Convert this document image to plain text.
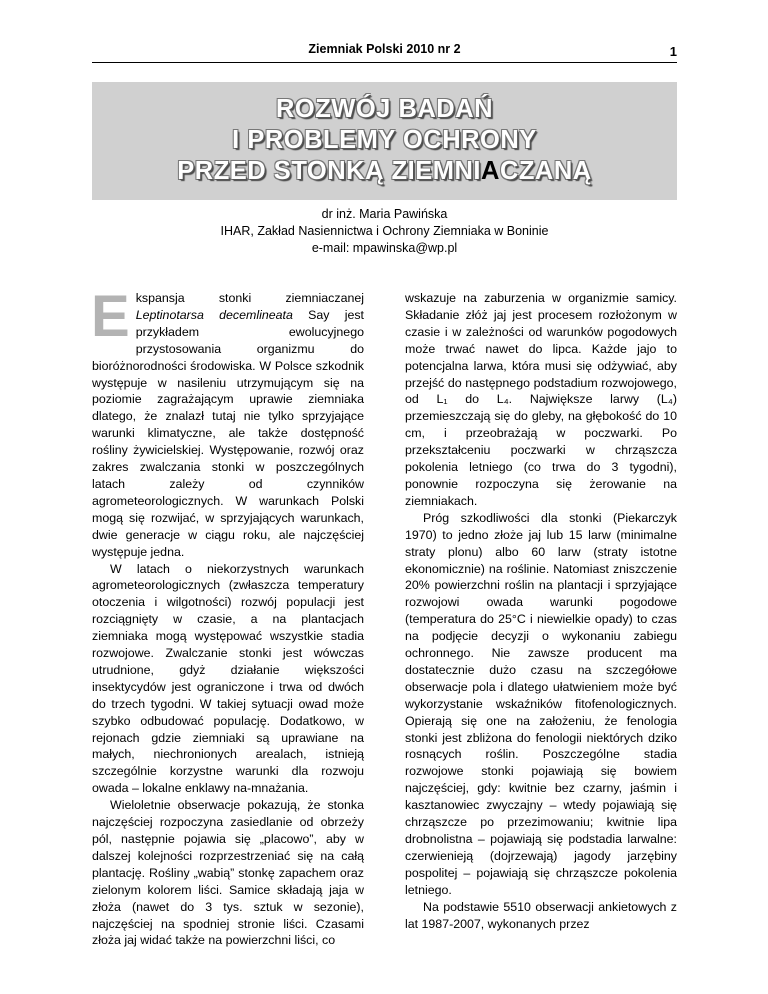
Ziemniak Polski 2010 nr 2	1
ROZWÓJ BADAŃ
I PROBLEMY OCHRONY
PRZED STONKĄ ZIEMNIACZANĄ
dr inż. Maria Pawińska
IHAR, Zakład Nasiennictwa i Ochrony Ziemniaka w Boninie
e-mail: mpawinska@wp.pl

Ekspansja stonki ziemniaczanej Leptinotarsa decemlineata Say jest przykładem ewolucyjnego przystosowania organizmu do bioróżnorodności środowiska. W Polsce szkodnik występuje w nasileniu utrzymującym się na poziomie zagrażającym uprawie ziemniaka dlatego, że znalazł tutaj nie tylko sprzyjające warunki klimatyczne, ale także dostępność rośliny żywicielskiej. Występowanie, rozwój oraz zakres zwalczania stonki w poszczególnych latach zależy od czynników agrometeorologicznych. W warunkach Polski mogą się rozwijać, w sprzyjających warunkach, dwie generacje w ciągu roku, ale najczęściej występuje jedna.

W latach o niekorzystnych warunkach agrometeorologicznych (zwłaszcza temperatury otoczenia i wilgotności) rozwój populacji jest rozciągnięty w czasie, a na plantacjach ziemniaka mogą występować wszystkie stadia rozwojowe. Zwalczanie stonki jest wówczas utrudnione, gdyż działanie większości insektycydów jest ograniczone i trwa od dwóch do trzech tygodni. W takiej sytuacji owad może szybko odbudować populację. Dodatkowo, w rejonach gdzie ziemniaki są uprawiane na małych, niechronionych arealach, istnieją szczególnie korzystne warunki dla rozwoju owada – lokalne enklawy na-mnażania.

Wieloletnie obserwacje pokazują, że stonka najczęściej rozpoczyna zasiedlanie od obrzeży pól, następnie pojawia się „placowo”, aby w dalszej kolejności rozprzestrzeniać się na całą plantację. Rośliny „wabią” stonkę zapachem oraz zielonym kolorem liści. Samice składają jaja w złoża (nawet do 3 tys. sztuk w sezonie), najczęściej na spodniej stronie liści. Czasami złoża jaj widać także na powierzchni liści, co

wskazuje na zaburzenia w organizmie samicy. Składanie złóż jaj jest procesem rozłożonym w czasie i w zależności od warunków pogodowych może trwać nawet do lipca. Każde jajo to potencjalna larwa, która musi się odżywiać, aby przejść do następnego podstadium rozwojowego, od L₁ do L₄. Największe larwy (L₄) przemieszczają się do gleby, na głębokość do 10 cm, i przeobrażają w poczwarki. Po przekształceniu poczwarki w chrząszcza pokolenia letniego (co trwa do 3 tygodni), ponownie rozpoczyna się żerowanie na ziemniakach.

Próg szkodliwości dla stonki (Piekarczyk 1970) to jedno złoże jaj lub 15 larw (minimalne straty plonu) albo 60 larw (straty istotne ekonomicznie) na roślinie. Natomiast zniszczenie 20% powierzchni roślin na plantacji i sprzyjające rozwojowi owada warunki pogodowe (temperatura do 25°C i niewielkie opady) to czas na podjęcie decyzji o wykonaniu zabiegu ochronnego. Nie zawsze producent ma dostatecznie dużo czasu na szczegółowe obserwacje pola i dlatego ułatwieniem może być wykorzystanie wskaźników fitofenologicznych. Opierają się one na założeniu, że fenologia stonki jest zbliżona do fenologii niektórych dziko rosnących roślin. Poszczególne stadia rozwojowe stonki pojawiają się bowiem najczęściej, gdy: kwitnie bez czarny, jaśmin i kasztanowiec zwyczajny – wtedy pojawiają się chrząszcze po przezimowaniu; kwitnie lipa drobnolistna – pojawiają się podstadia larwalne: czerwienieją (dojrzewają) jagody jarzębiny pospolitej – pojawiają się chrząszcze pokolenia letniego.

Na podstawie 5510 obserwacji ankietowych z lat 1987-2007, wykonanych przez
